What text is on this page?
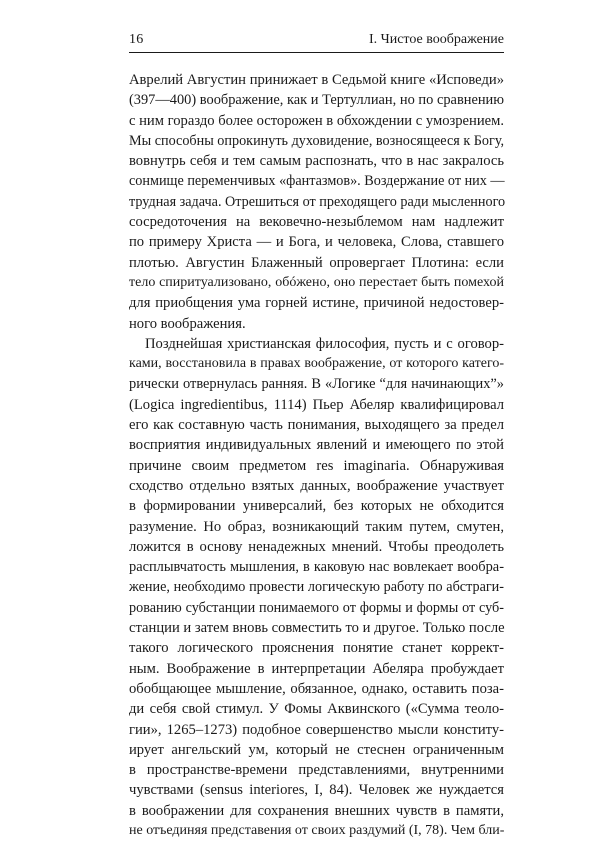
16	I. Чистое воображение
Аврелий Августин принижает в Седьмой книге «Исповеди»
(397—400) воображение, как и Тертуллиан, но по сравнению
с ним гораздо более осторожен в обхождении с умозрением.
Мы способны опрокинуть духовидение, возносящееся к Богу,
вовнутрь себя и тем самым распознать, что в нас закралось
сонмище переменчивых «фантазмов». Воздержание от них —
трудная задача. Отрешиться от преходящего ради мысленного
сосредоточения на вековечно-незыблемом нам надлежит
по примеру Христа — и Бога, и человека, Слова, ставшего
плотью. Августин Блаженный опровергает Плотина: если
тело спиритуализовано, обóжено, оно перестает быть помехой
для приобщения ума горней истине, причиной недостовер-
ного воображения.
Позднейшая христианская философия, пусть и с оговор-
ками, восстановила в правах воображение, от которого катего-
рически отвернулась ранняя. В «Логике “для начинающих”»
(Logica ingredientibus, 1114) Пьер Абеляр квалифицировал
его как составную часть понимания, выходящего за предел
восприятия индивидуальных явлений и имеющего по этой
причине своим предметом res imaginaria. Обнаруживая
сходство отдельно взятых данных, воображение участвует
в формировании универсалий, без которых не обходится
разумение. Но образ, возникающий таким путем, смутен,
ложится в основу ненадежных мнений. Чтобы преодолеть
расплывчатость мышления, в каковую нас вовлекает вообра-
жение, необходимо провести логическую работу по абстраги-
рованию субстанции понимаемого от формы и формы от суб-
станции и затем вновь совместить то и другое. Только после
такого логического прояснения понятие станет коррект-
ным. Воображение в интерпретации Абеляра пробуждает
обобщающее мышление, обязанное, однако, оставить поза-
ди себя свой стимул. У Фомы Аквинского («Сумма теоло-
гии», 1265–1273) подобное совершенство мысли конститу-
ирует ангельский ум, который не стеснен ограниченным
в пространстве-времени представлениями, внутренними
чувствами (sensus interiores, I, 84). Человек же нуждается
в воображении для сохранения внешних чувств в памяти,
не отъединяя представения от своих раздумий (I, 78). Чем бли-
